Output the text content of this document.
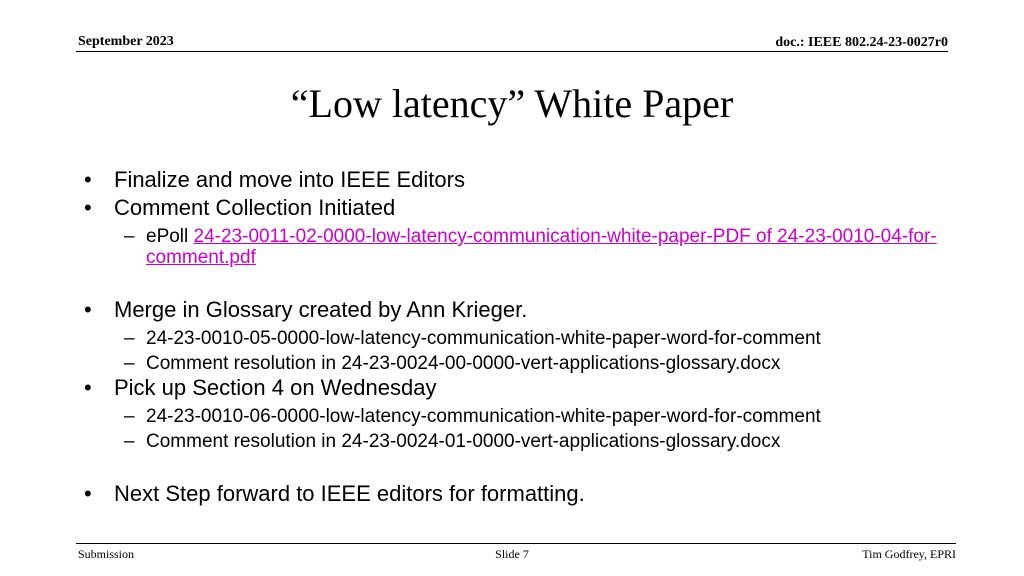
September 2023	doc.: IEEE 802.24-23-0027r0
“Low latency” White Paper
• Finalize and move into IEEE Editors
• Comment Collection Initiated
– ePoll 24-23-0011-02-0000-low-latency-communication-white-paper-PDF of 24-23-0010-04-for-comment.pdf
• Merge in Glossary created by Ann Krieger.
– 24-23-0010-05-0000-low-latency-communication-white-paper-word-for-comment
– Comment resolution in 24-23-0024-00-0000-vert-applications-glossary.docx
• Pick up Section 4 on Wednesday
– 24-23-0010-06-0000-low-latency-communication-white-paper-word-for-comment
– Comment resolution in 24-23-0024-01-0000-vert-applications-glossary.docx
• Next Step forward to IEEE editors for formatting.
Submission	Slide 7	Tim Godfrey, EPRI
